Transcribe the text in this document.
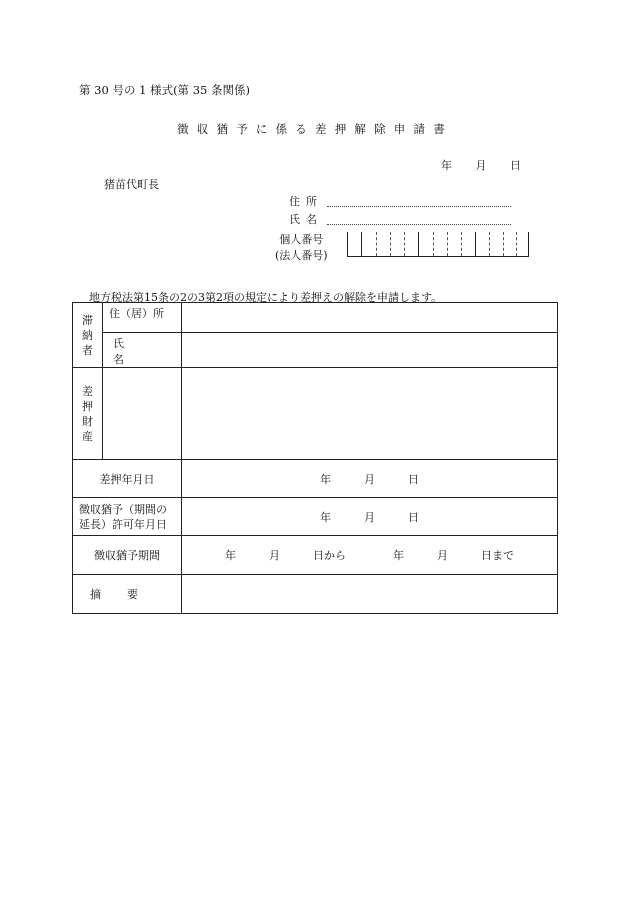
第 30 号の 1 様式(第 35 条関係)
徴収猶予に係る差押解除申請書
年 月 日
猪苗代町長
住所
氏名
個人番号
(法人番号)
地方税法第15条の2の3第2項の規定により差押えの解除を申請します。
滞
納
者	住（居）所	
	氏名	
差
押
財
産		
差押年月日		年　　　月　　　日

徴収猶予（期間の
延長）許可年月日		年　　　月　　　日
徴収猶予期間		年　　　月　　　日から 年　　　月　　　日まで
摘要		
